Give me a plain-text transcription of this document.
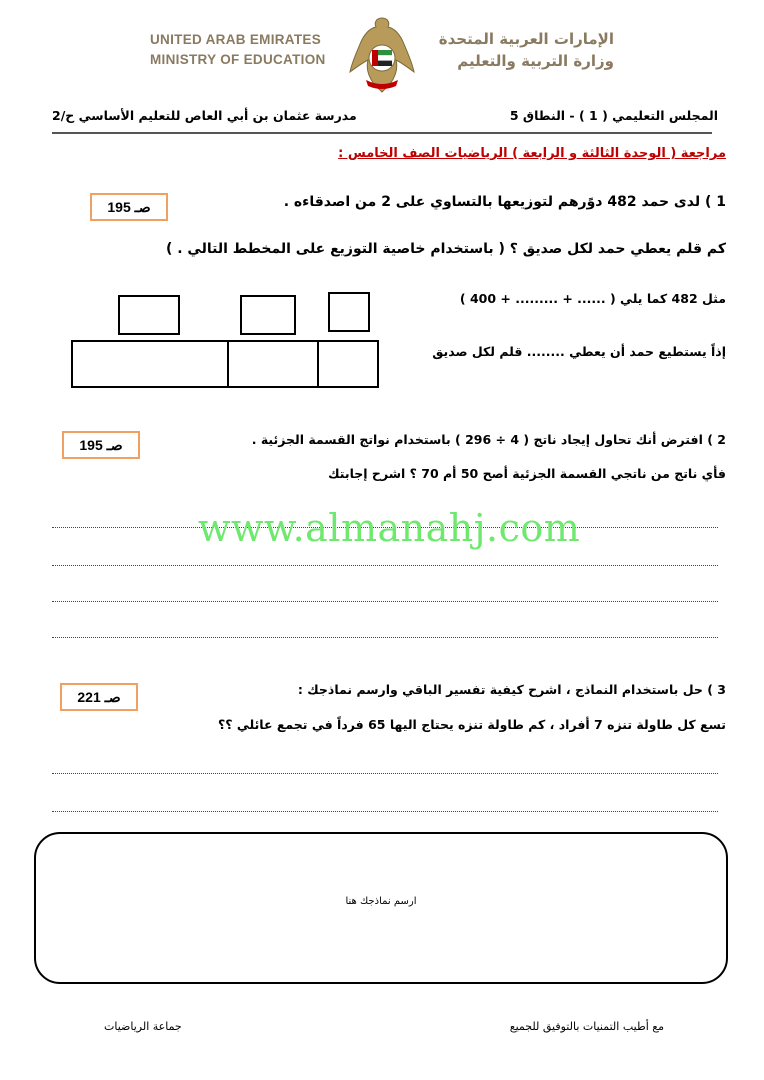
UNITED ARAB EMIRATES
MINISTRY OF EDUCATION
الإمارات العربية المتحدة
وزارة التربية والتعليم
المجلس التعليمي ( 1 ) - النطاق 5
مدرسة عثمان بن أبي العاص للتعليم الأساسي ح/2
مراجعة ( الوحدة الثالثة و الرابعة ) الرياضيات الصف الخامس :
صـ 195	1 ) لدى حمد 482 دوًرهم لتوزيعها بالتساوي على 2 من اصدقاءه .
كم قلم يعطي حمد لكل صديق ؟ ( باستخدام خاصية التوزيع على المخطط التالي . )
مثل 482 كما يلي ( ...... + ......... + 400 )
إذاً يستطيع حمد أن يعطي ........ قلم لكل صديق
صـ 195	2 ) افترض أنك تحاول إيجاد ناتج ( 4 ÷ 296 ) باستخدام نواتج القسمة الجزئية .
فأي ناتج من ناتجي القسمة الجزئية أصح 50 أم 70 ؟ اشرح إجابتك
www.almanahj.com
صـ 221	3 ) حل باستخدام النماذج ، اشرح كيفية تفسير الباقي وارسم نماذجك :
تسع كل طاولة تنزه 7 أفراد ، كم طاولة تنزه يحتاج اليها 65 فرداً في تجمع عائلي ؟؟
ارسم نماذجك هنا
مع أطيب التمنيات بالتوفيق للجميع
جماعة الرياضيات
